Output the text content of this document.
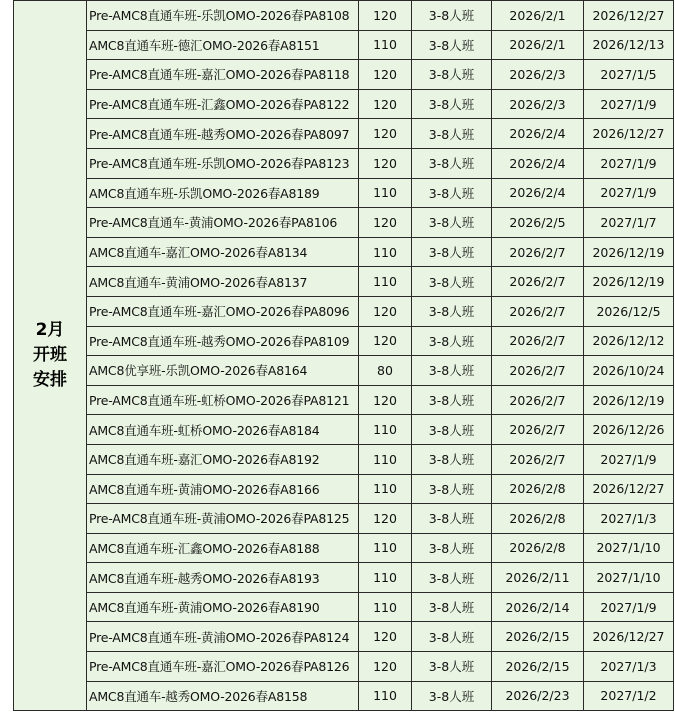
2月
开班
安排	Pre-AMC8直通车班-乐凯OMO-2026春PA8108	120	3-8人班	2026/2/1	2026/12/27
	AMC8直通车班-德汇OMO-2026春A8151	110	3-8人班	2026/2/1	2026/12/13
	Pre-AMC8直通车班-嘉汇OMO-2026春PA8118	120	3-8人班	2026/2/3	2027/1/5
	Pre-AMC8直通车班-汇鑫OMO-2026春PA8122	120	3-8人班	2026/2/3	2027/1/9
	Pre-AMC8直通车班-越秀OMO-2026春PA8097	120	3-8人班	2026/2/4	2026/12/27
	Pre-AMC8直通车班-乐凯OMO-2026春PA8123	120	3-8人班	2026/2/4	2027/1/9
	AMC8直通车班-乐凯OMO-2026春A8189	110	3-8人班	2026/2/4	2027/1/9
	Pre-AMC8直通车-黄浦OMO-2026春PA8106	120	3-8人班	2026/2/5	2027/1/7
	AMC8直通车-嘉汇OMO-2026春A8134	110	3-8人班	2026/2/7	2026/12/19
	AMC8直通车-黄浦OMO-2026春A8137	110	3-8人班	2026/2/7	2026/12/19
	Pre-AMC8直通车班-嘉汇OMO-2026春PA8096	120	3-8人班	2026/2/7	2026/12/5
	Pre-AMC8直通车班-越秀OMO-2026春PA8109	120	3-8人班	2026/2/7	2026/12/12
	AMC8优享班-乐凯OMO-2026春A8164	80	3-8人班	2026/2/7	2026/10/24
	Pre-AMC8直通车班-虹桥OMO-2026春PA8121	120	3-8人班	2026/2/7	2026/12/19
	AMC8直通车班-虹桥OMO-2026春A8184	110	3-8人班	2026/2/7	2026/12/26
	AMC8直通车班-嘉汇OMO-2026春A8192	110	3-8人班	2026/2/7	2027/1/9
	AMC8直通车班-黄浦OMO-2026春A8166	110	3-8人班	2026/2/8	2026/12/27
	Pre-AMC8直通车班-黄浦OMO-2026春PA8125	120	3-8人班	2026/2/8	2027/1/3
	AMC8直通车班-汇鑫OMO-2026春A8188	110	3-8人班	2026/2/8	2027/1/10
	AMC8直通车班-越秀OMO-2026春A8193	110	3-8人班	2026/2/11	2027/1/10
	AMC8直通车班-黄浦OMO-2026春A8190	110	3-8人班	2026/2/14	2027/1/9
	Pre-AMC8直通车班-黄浦OMO-2026春PA8124	120	3-8人班	2026/2/15	2026/12/27
	Pre-AMC8直通车班-嘉汇OMO-2026春PA8126	120	3-8人班	2026/2/15	2027/1/3
	AMC8直通车-越秀OMO-2026春A8158	110	3-8人班	2026/2/23	2027/1/2
